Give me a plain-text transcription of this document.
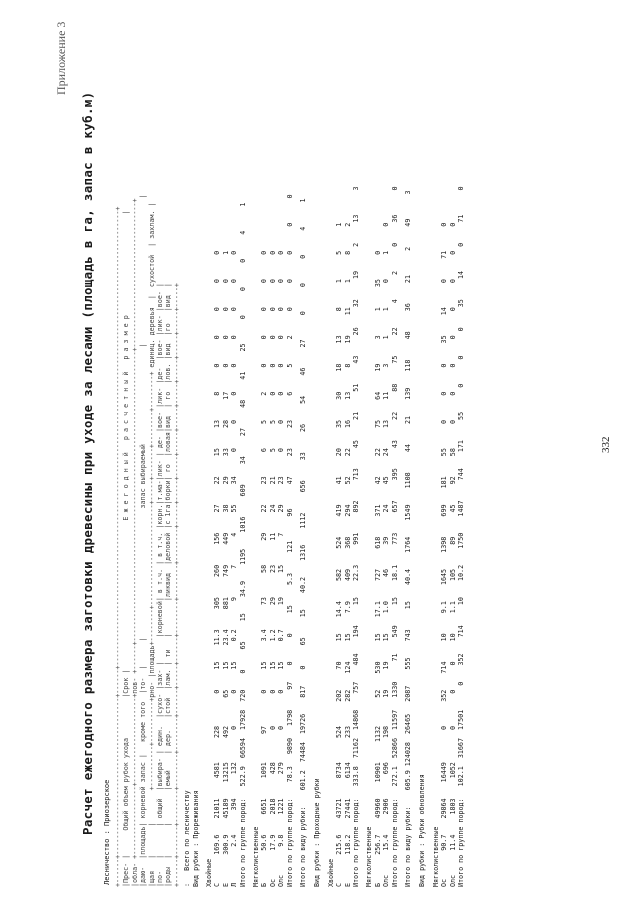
Приложение 3
Расчет ежегодного размера заготовки древесины при уходе за лесами (площадь в га, запас в куб.м) Лесничество : Приозерское +------+---------------------------------------+------+-----------------------------------------------------------------------------------------------------------------+ |Прес- |      Общий объем рубок ухода          |Срок |                                     Е ж е г о д н ы й   р а с ч е т н ы й   р а з м е р                         | |обла- +-----------------+---------------------+пов- +------+------------------------------------------------------------------------+------------------------------------+ |даю-  |площадь| корневой запас |   кроме того  |то-  |      |                                запас выбираемый                        |                                    | |щая   |       |        +----------+----------+рно- |площадь+--------+-------------------------+-----+-------+--------+--------+ единиц. деревья  |  сухостой  | захлам. | |по-   |       | общий  |выбира- | един.  |сухо- |заx- |      |корневой| в т.ч. | в т.ч. |корн.|т.ма-|лик- | де- |вое- |лик- |де-  |вое- |лик- |вое- | |роды  |       |        |емый    | дер.   |стой  |лам. | ти   |        |ликвид  |деловой |с 1га|борки| го  |ловая|вид  | го  |лов. |вид  |го   |вид  | +------+-------+--------+--------+--------+------+-----+------+--------+--------+--------+-----+-----+-----+-----+-----+-----+-----+-----+-----+-----+ :   Всего по лесничеству Вид рубки : Прореживания Хвойные С       169.6    21011     4581      228        0     15    11.3     305     260     156     27     22     15     13      8      0      0      0      0      0 Е       300.9    45189    13215      492       65     15    23.4     881     749     449     38     29     33     28     17      0      0      0      0      1 Л         2.4      394      132        0        0     15     0.2       9       7       4     55     34      0      0      0      0      0      0      0      0 Итого по группе пород:   522.9  66594  17928  720    0     65     15    34.9    1195    1016     609     34     27     48     41     25      0      0      0      4      1 Мягколиственные Б        50.6     6651     1091       97        0     15     3.4      73      58      29     22     23      6      5      2      0      0      0      0      0 Ос       17.9     2018      428        0        0     15     1.2      29      23      11     24     21      5      5      0      0      0      0      0      0 Олс       9.8     1221      279        0        0     15     0.7      19      15       7     29     23      0      0      0      0      0      0      0      0 Итого по группе пород:    78.3   9890   1798     97    0      0     15     5.3     121      96      47     23     23      6      5      2      0      0      0      0      0 Итого по виду рубки:    601.2  74484  19726    817    0     65     15    40.2    1316    1112     656     33     26     54     46     27      0      0      0      4      1 Вид рубки : Проходные рубки Хвойные С       215.6    43721     8734      524      202     70     15    14.4     582     524     419     41     20     35     30     18     13      8      1      5      1 Е       118.2    27441     6134      233      282    124     15     7.9     409     368     294     52     22     16     13      8     19     11      1      8      2 Итого по группе пород:   333.8  71162  14868    757    484    194     15    22.3     991     892     713     45     21     51     43     26     32     19      2     13      3 Мягколиственные Б       256.7    49960    10901     1132       52    530     15    17.1     727     618     371     42     22     75     64     19      3      1     35      0 Олс      15.4     2906      696      198       19     19     15     1.0      46      39      24     45     24     13     11      3      1      1      0      1      0 Итого по группе пород:   272.1  52866  11597   1330     71    549     15    18.1     773     657     395     43     22     88     75     22      4      2      0     36      0 Итого по виду рубки:    605.9 124028  26465   2087    555    743     15    40.4    1764    1549    1108     44     21    139    118     48     36     21      2     49      3 Вид рубки : Рубки обновления Мягколиственные Ос       90.7    29864    16449        0      352    714     10     9.1    1645    1398     699    181     55      0      0      0     35     14      0     71      0 Олс      11.4     1803     1052        0        0      0     10     1.1     105      89      45     92     58      0      0      0      0      0      0      0      0 Итого по группе пород:   102.1  31667  17501      0    352    714     10    10.2    1750    1487     744    171     55      0      0      0     35     14      0     71      0	332
